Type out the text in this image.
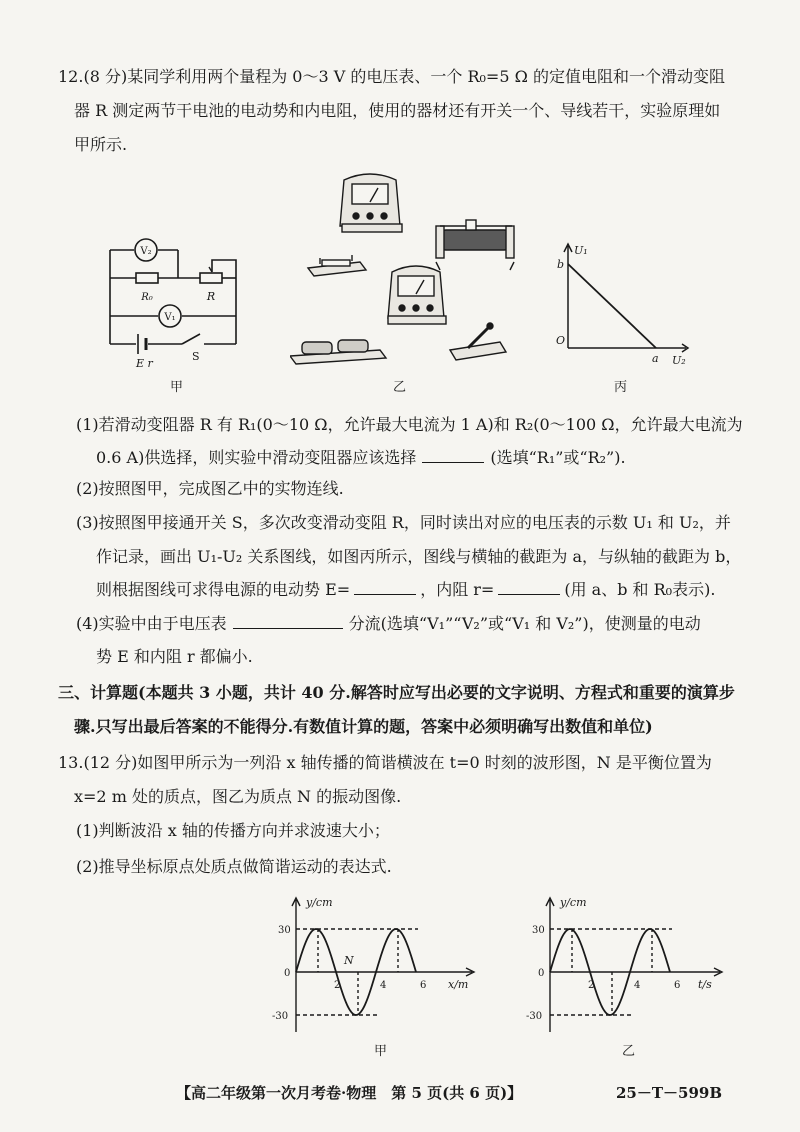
12.(8 分)某同学利用两个量程为 0～3 V 的电压表、一个 R₀=5 Ω 的定值电阻和一个滑动变阻
器 R 测定两节干电池的电动势和内电阻，使用的器材还有开关一个、导线若干，实验原理如
甲所示.
V₂
V₁
R₀	R
E r
S
甲	乙
U₁
U₂
b
a
O
丙
(1)若滑动变阻器 R 有 R₁(0～10 Ω，允许最大电流为 1 A)和 R₂(0～100 Ω，允许最大电流为
0.6 A)供选择，则实验中滑动变阻器应该选择	(选填“R₁”或“R₂”).
(2)按照图甲，完成图乙中的实物连线.
(3)按照图甲接通开关 S，多次改变滑动变阻 R，同时读出对应的电压表的示数 U₁ 和 U₂，并
作记录，画出 U₁-U₂ 关系图线，如图丙所示，图线与横轴的截距为 a，与纵轴的截距为 b，
则根据图线可求得电源的电动势 E=	，内阻 r=	(用 a、b 和 R₀表示).
(4)实验中由于电压表	分流(选填“V₁”“V₂”或“V₁ 和 V₂”)，使测量的电动
势 E 和内阻 r 都偏小.
三、计算题(本题共 3 小题，共计 40 分.解答时应写出必要的文字说明、方程式和重要的演算步
骤.只写出最后答案的不能得分.有数值计算的题，答案中必须明确写出数值和单位)
13.(12 分)如图甲所示为一列沿 x 轴传播的简谐横波在 t=0 时刻的波形图，N 是平衡位置为
x=2 m 处的质点，图乙为质点 N 的振动图像.
(1)判断波沿 x 轴的传播方向并求波速大小；
(2)推导坐标原点处质点做简谐运动的表达式.
y/cm
x/m
30
-30
0
2	4	6
N
甲
y/cm
t/s
30
-30
0
2	4	6
乙
【高二年级第一次月考卷·物理　第 5 页(共 6 页)】	25－T－599B
